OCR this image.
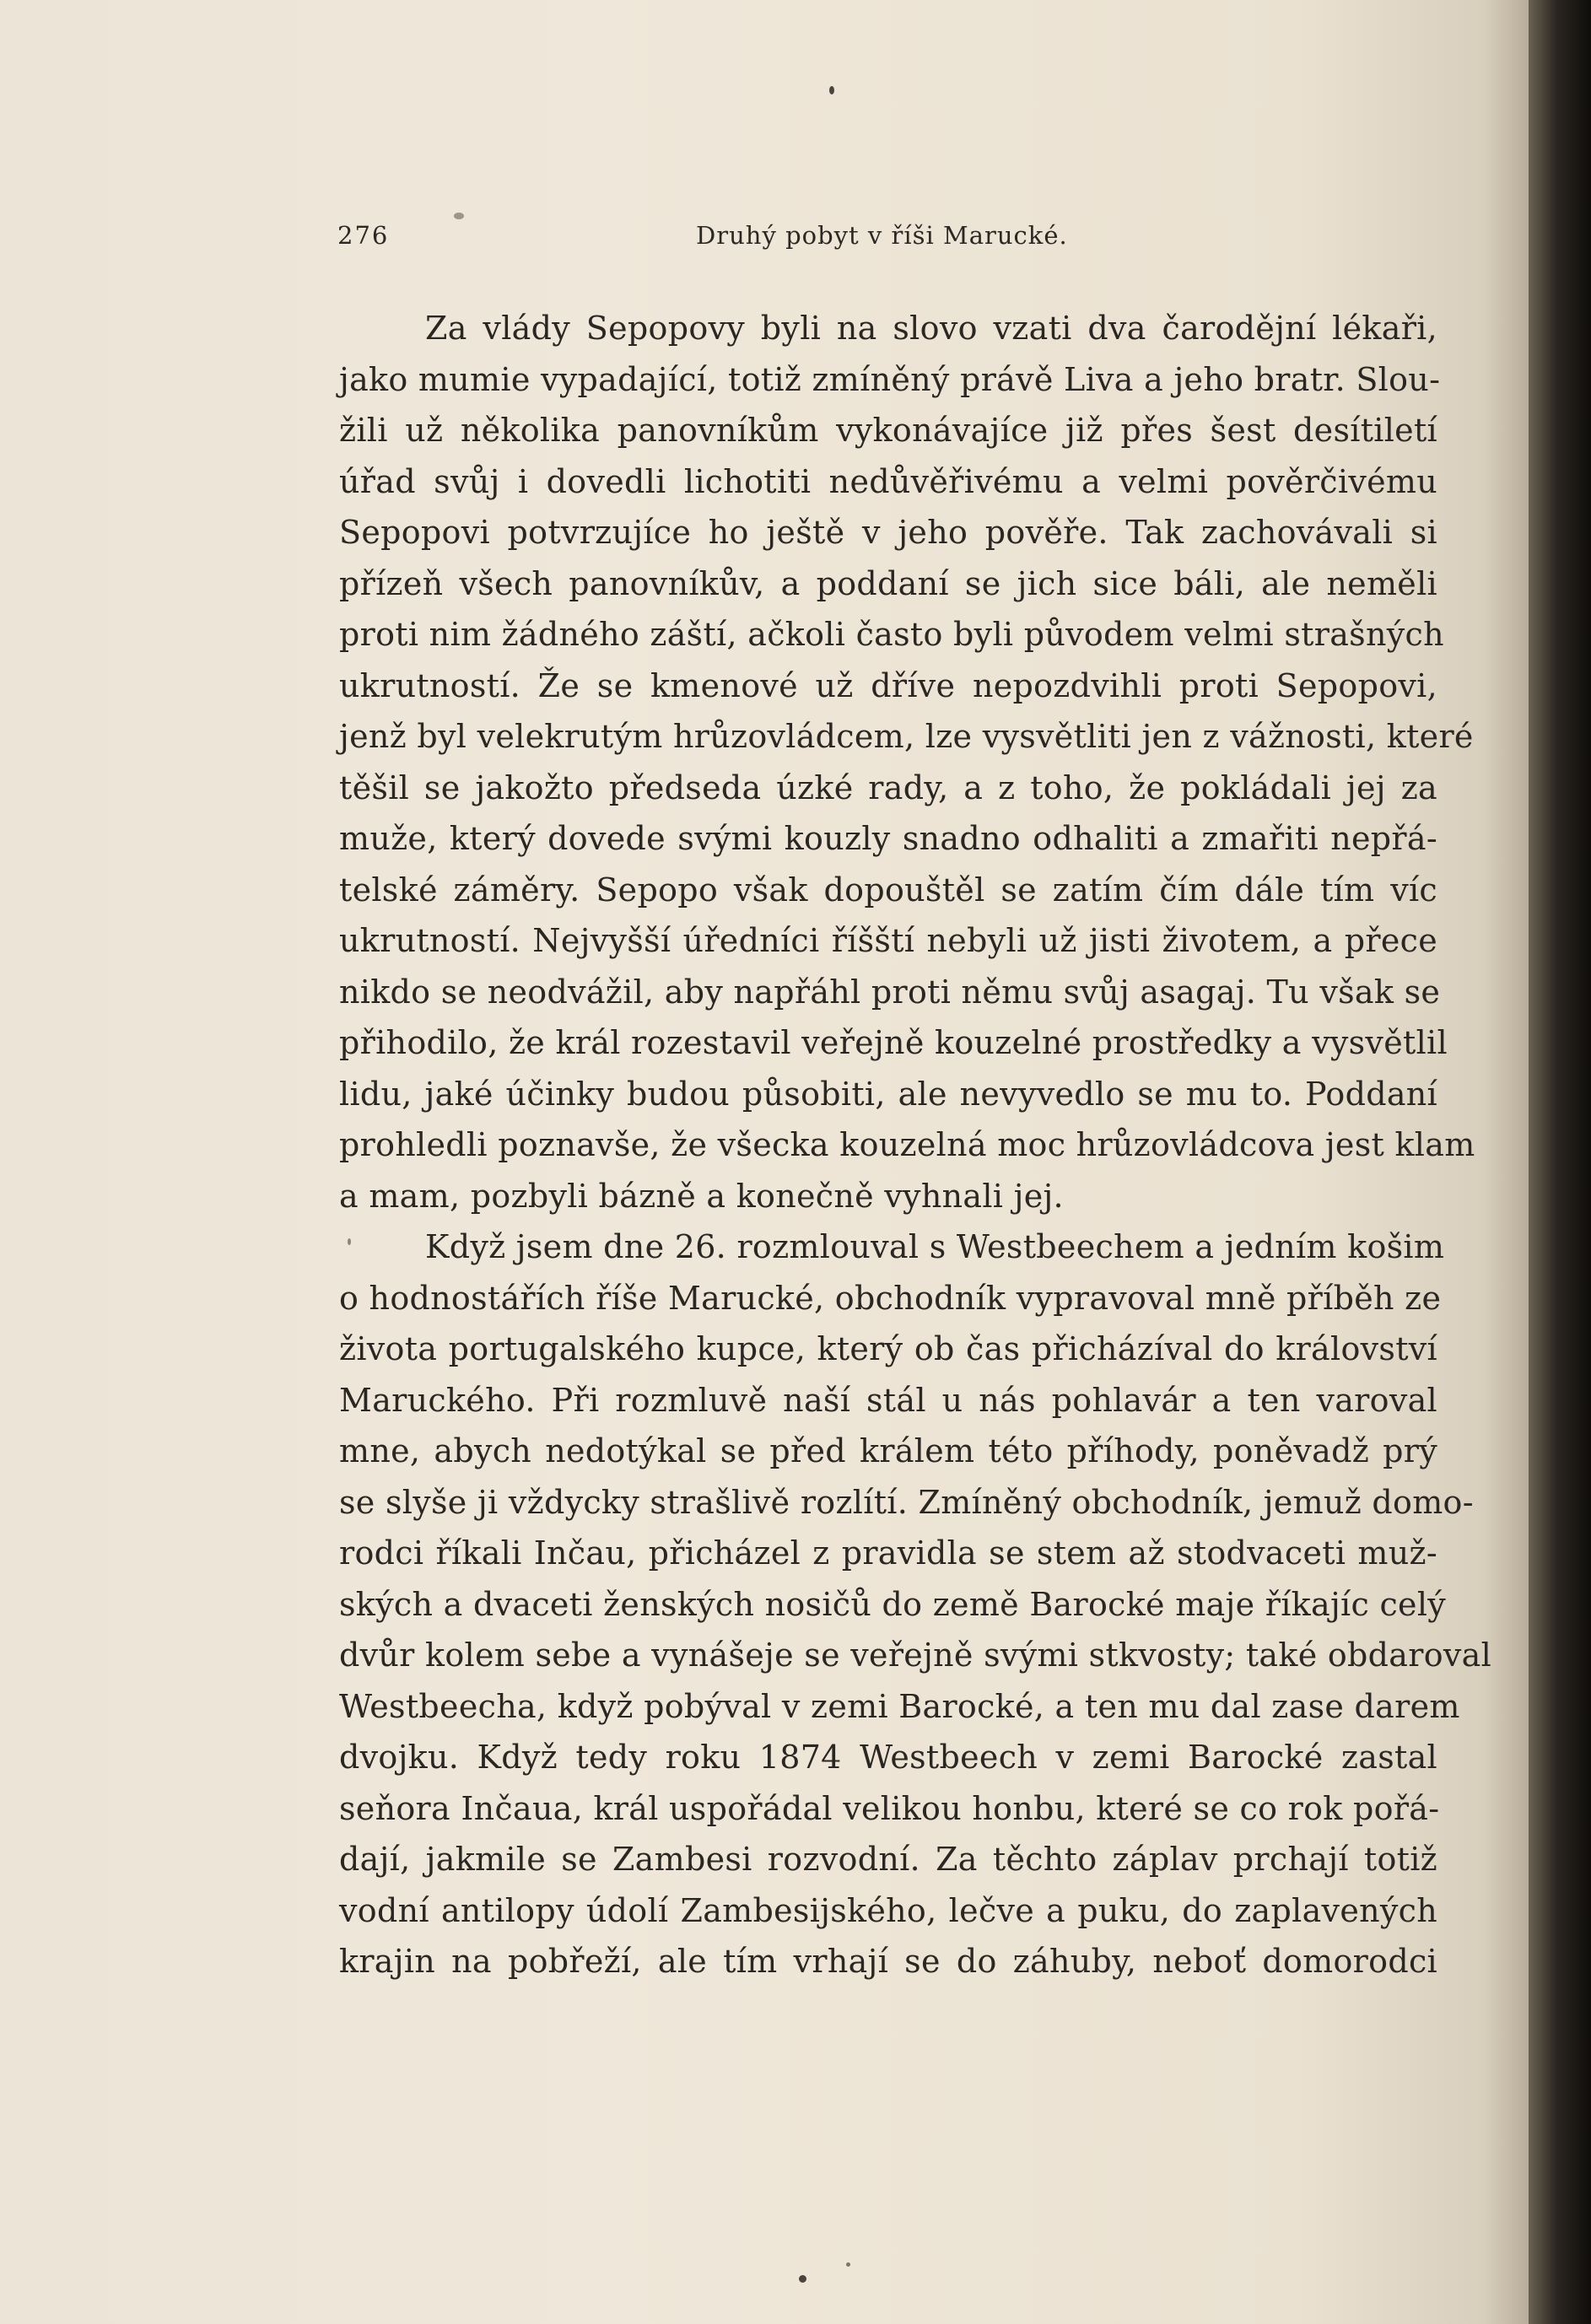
276	Druhý pobyt v říši Marucké.
Za vlády Sepopovy byli na slovo vzati dva čarodějní lékaři,
jako mumie vypadající, totiž zmíněný právě Liva a jeho bratr. Slou-
žili už několika panovníkům vykonávajíce již přes šest desítiletí
úřad svůj i dovedli lichotiti nedůvěřivému a velmi pověrčivému
Sepopovi potvrzujíce ho ještě v jeho pověře. Tak zachovávali si
přízeň všech panovníkův, a poddaní se jich sice báli, ale neměli
proti nim žádného záští, ačkoli často byli původem velmi strašných
ukrutností. Že se kmenové už dříve nepozdvihli proti Sepopovi,
jenž byl velekrutým hrůzovládcem, lze vysvětliti jen z vážnosti, které
těšil se jakožto předseda úzké rady, a z toho, že pokládali jej za
muže, který dovede svými kouzly snadno odhaliti a zmařiti nepřá-
telské záměry. Sepopo však dopouštěl se zatím čím dále tím víc
ukrutností. Nejvyšší úředníci říšští nebyli už jisti životem, a přece
nikdo se neodvážil, aby napřáhl proti němu svůj asagaj. Tu však se
přihodilo, že král rozestavil veřejně kouzelné prostředky a vysvětlil
lidu, jaké účinky budou působiti, ale nevyvedlo se mu to. Poddaní
prohledli poznavše, že všecka kouzelná moc hrůzovládcova jest klam
a mam, pozbyli bázně a konečně vyhnali jej.
Když jsem dne 26. rozmlouval s Westbeechem a jedním košim
o hodnostářích říše Marucké, obchodník vypravoval mně příběh ze
života portugalského kupce, který ob čas přicházíval do království
Maruckého. Při rozmluvě naší stál u nás pohlavár a ten varoval
mne, abych nedotýkal se před králem této příhody, poněvadž prý
se slyše ji vždycky strašlivě rozlítí. Zmíněný obchodník, jemuž domo-
rodci říkali Inčau, přicházel z pravidla se stem až stodvaceti muž-
ských a dvaceti ženských nosičů do země Barocké maje říkajíc celý
dvůr kolem sebe a vynášeje se veřejně svými stkvosty; také obdaroval
Westbeecha, když pobýval v zemi Barocké, a ten mu dal zase darem
dvojku. Když tedy roku 1874 Westbeech v zemi Barocké zastal
seňora Inčaua, král uspořádal velikou honbu, které se co rok pořá-
dají, jakmile se Zambesi rozvodní. Za těchto záplav prchají totiž
vodní antilopy údolí Zambesijského, lečve a puku, do zaplavených
krajin na pobřeží, ale tím vrhají se do záhuby, neboť domorodci
